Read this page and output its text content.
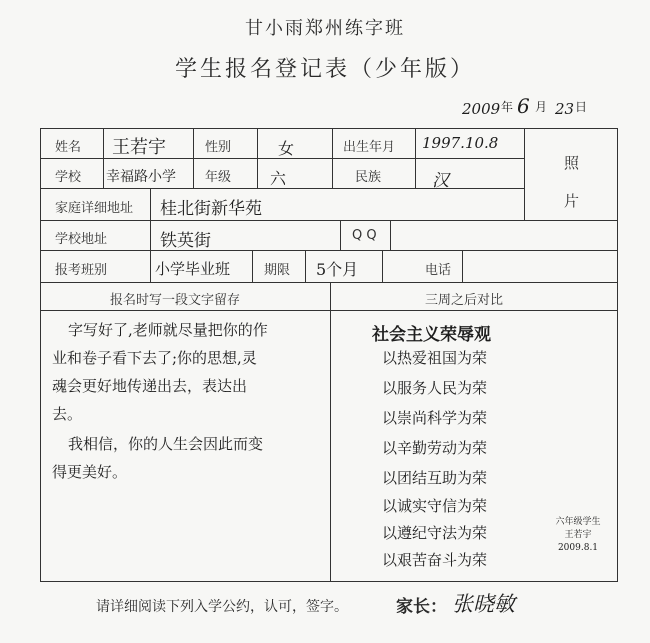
甘小雨郑州练字班
学生报名登记表（少年版）
2009 年 6 月 23 日
姓名 王若宇	性别	女	出生年月 1997.10.8
学校 幸福路小学 年级 六	民族	汉
照
片
家庭详细地址 桂北街新华苑
学校地址	铁英街	Q Q
报考班别	小学毕业班	期限 5个月	电话
报名时写一段文字留存	三周之后对比
字写好了,老师就尽量把你的作
业和卷子看下去了;你的思想,灵
魂会更好地传递出去，表达出
去。
我相信，你的人生会因此而变
得更美好。
社会主义荣辱观
以热爱祖国为荣
以服务人民为荣
以崇尚科学为荣
以辛勤劳动为荣
以团结互助为荣
以诚实守信为荣
以遵纪守法为荣
以艰苦奋斗为荣
六年级学生
王若宇
2009.8.1
请详细阅读下列入学公约，认可，签字。	家长： 张晓敏
